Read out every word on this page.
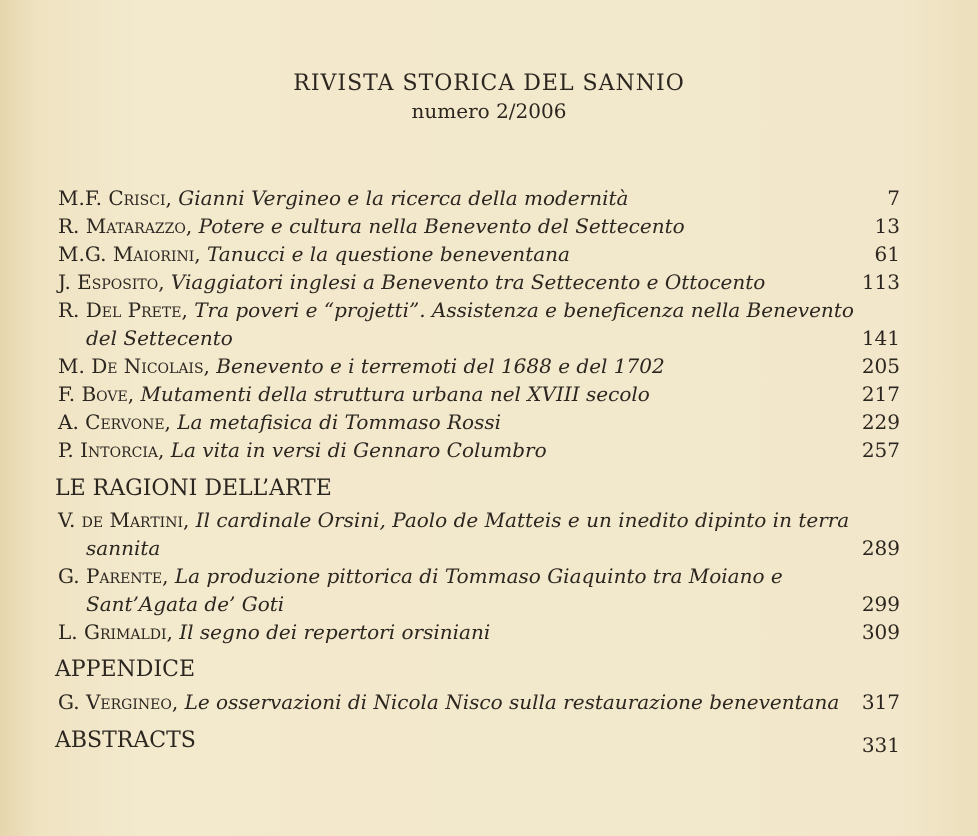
RIVISTA STORICA DEL SANNIO
numero 2/2006
M.F. Crisci, Gianni Vergineo e la ricerca della modernità	7
R. Matarazzo, Potere e cultura nella Benevento del Settecento	13
M.G. Maiorini, Tanucci e la questione beneventana	61
J. Esposito, Viaggiatori inglesi a Benevento tra Settecento e Ottocento	113
R. Del Prete, Tra poveri e “projetti”. Assistenza e beneficenza nella Benevento
del Settecento	141
M. De Nicolais, Benevento e i terremoti del 1688 e del 1702	205
F. Bove, Mutamenti della struttura urbana nel XVIII secolo	217
A. Cervone, La metafisica di Tommaso Rossi	229
P. Intorcia, La vita in versi di Gennaro Columbro	257
LE RAGIONI DELL’ARTE
V. de Martini, Il cardinale Orsini, Paolo de Matteis e un inedito dipinto in terra
sannita	289
G. Parente, La produzione pittorica di Tommaso Giaquinto tra Moiano e
Sant’Agata de’ Goti	299
L. Grimaldi, Il segno dei repertori orsiniani	309
APPENDICE
G. Vergineo, Le osservazioni di Nicola Nisco sulla restaurazione beneventana 317
ABSTRACTS	331
